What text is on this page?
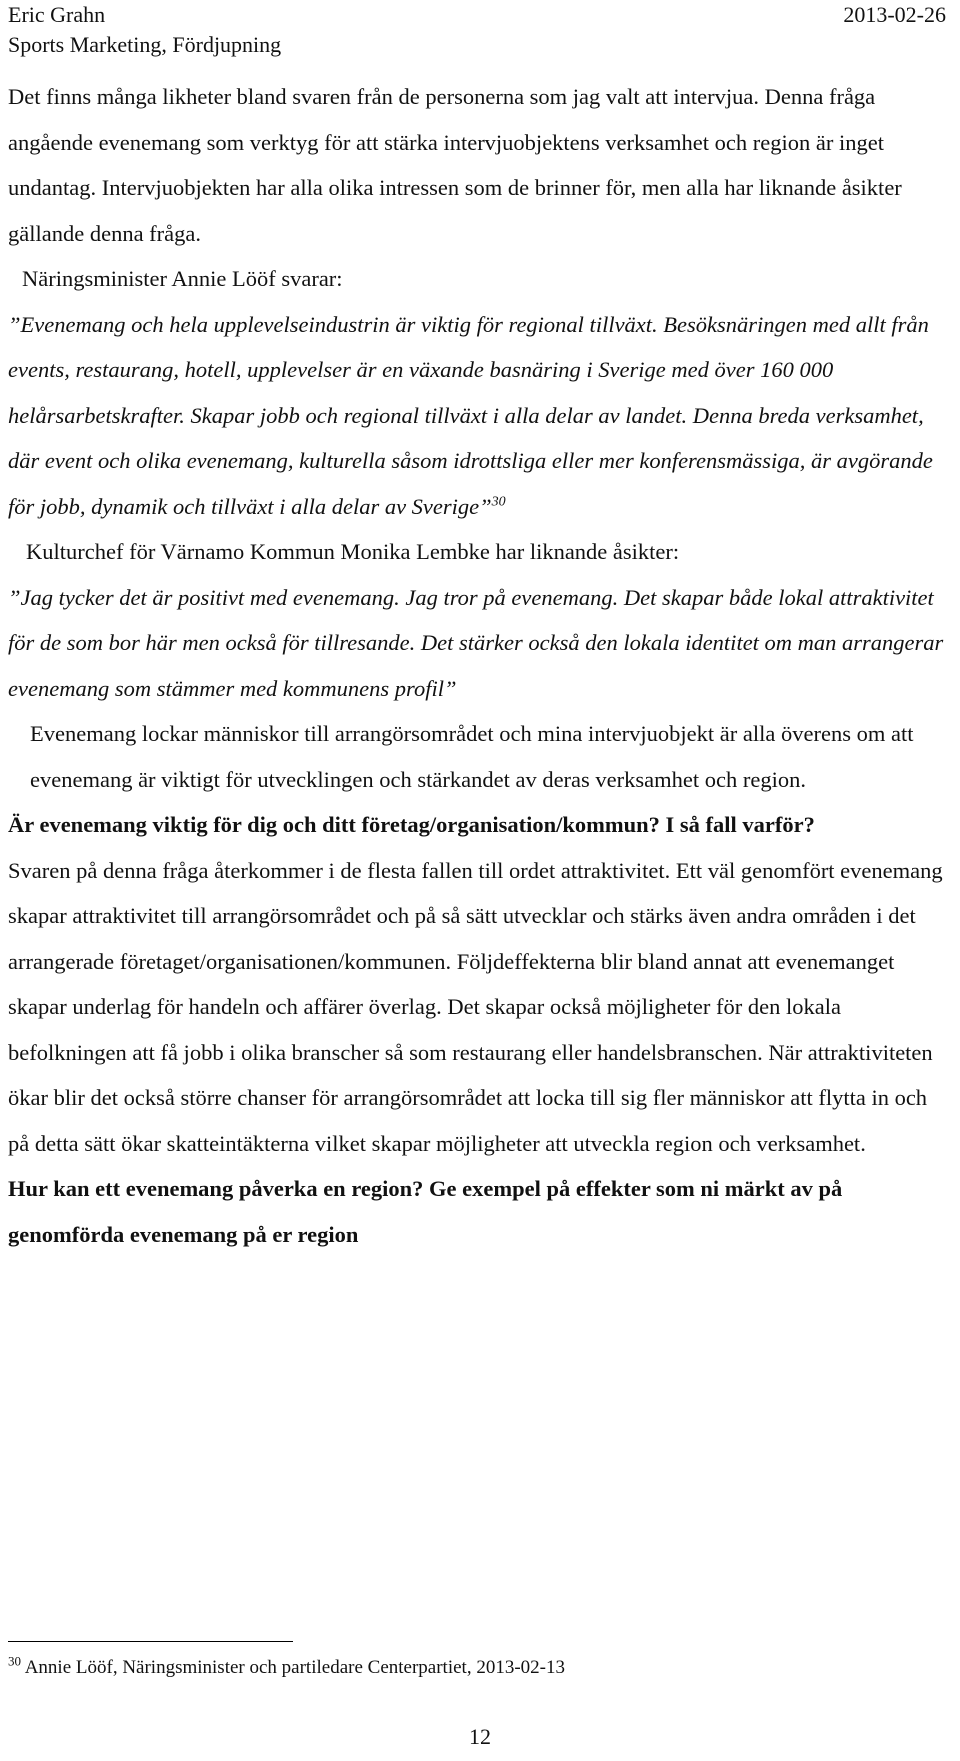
Eric Grahn	2013-02-26
Sports Marketing, Fördjupning

Det finns många likheter bland svaren från de personerna som jag valt att intervjua. Denna fråga angående evenemang som verktyg för att stärka intervjuobjektens verksamhet och region är inget undantag. Intervjuobjekten har alla olika intressen som de brinner för, men alla har liknande åsikter gällande denna fråga.

Näringsminister Annie Lööf svarar:

”Evenemang och hela upplevelseindustrin är viktig för regional tillväxt. Besöksnäringen med allt från events, restaurang, hotell, upplevelser är en växande basnäring i Sverige med över 160 000 helårsarbetskrafter. Skapar jobb och regional tillväxt i alla delar av landet. Denna breda verksamhet, där event och olika evenemang, kulturella såsom idrottsliga eller mer konferensmässiga, är avgörande för jobb, dynamik och tillväxt i alla delar av Sverige”$^{30}$

Kulturchef för Värnamo Kommun Monika Lembke har liknande åsikter:

”Jag tycker det är positivt med evenemang. Jag tror på evenemang. Det skapar både lokal attraktivitet för de som bor här men också för tillresande. Det stärker också den lokala identitet om man arrangerar evenemang som stämmer med kommunens profil”

Evenemang lockar människor till arrangörsområdet och mina intervjuobjekt är alla överens om att evenemang är viktigt för utvecklingen och stärkandet av deras verksamhet och region.

Är evenemang viktig för dig och ditt företag/organisation/kommun? I så fall varför?

Svaren på denna fråga återkommer i de flesta fallen till ordet attraktivitet. Ett väl genomfört evenemang skapar attraktivitet till arrangörsområdet och på så sätt utvecklar och stärks även andra områden i det arrangerade företaget/organisationen/kommunen. Följdeffekterna blir bland annat att evenemanget skapar underlag för handeln och affärer överlag. Det skapar också möjligheter för den lokala befolkningen att få jobb i olika branscher så som restaurang eller handelsbranschen. När attraktiviteten ökar blir det också större chanser för arrangörsområdet att locka till sig fler människor att flytta in och på detta sätt ökar skatteintäkterna vilket skapar möjligheter att utveckla region och verksamhet.

Hur kan ett evenemang påverka en region? Ge exempel på effekter som ni märkt av på genomförda evenemang på er region

$^{30}$ Annie Lööf, Näringsminister och partiledare Centerpartiet, 2013-02-13
12
